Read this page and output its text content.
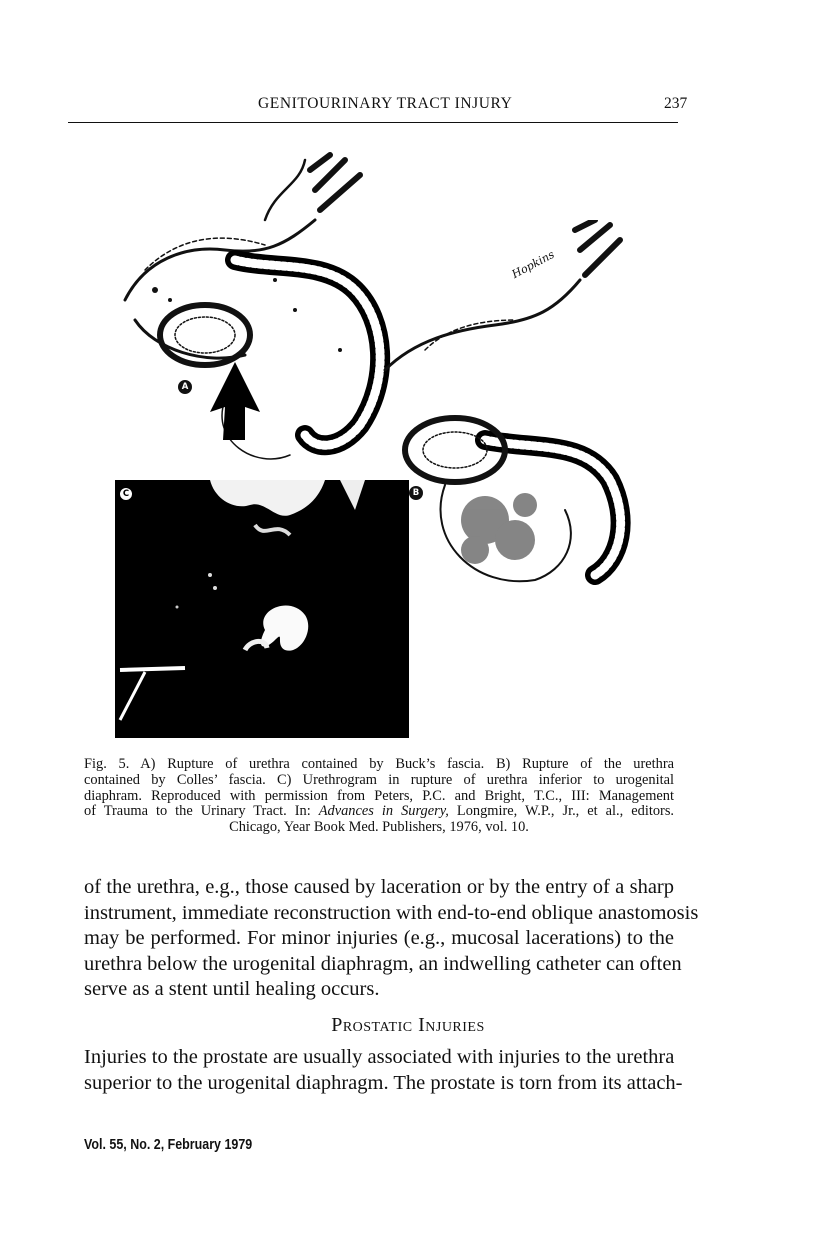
GENITOURINARY TRACT INJURY	237
A
B
Hopkins
C
Fig. 5. A) Rupture of urethra contained by Buck’s fascia. B) Rupture of the urethra
contained by Colles’ fascia. C) Urethrogram in rupture of urethra inferior to urogenital
diaphram. Reproduced with permission from Peters, P.C. and Bright, T.C., III: Management
of Trauma to the Urinary Tract. In: Advances in Surgery, Longmire, W.P., Jr., et al., editors.
Chicago, Year Book Med. Publishers, 1976, vol. 10.
of the urethra, e.g., those caused by laceration or by the entry of a sharp
instrument, immediate reconstruction with end-to-end oblique anastomosis
may be performed. For minor injuries (e.g., mucosal lacerations) to the
urethra below the urogenital diaphragm, an indwelling catheter can often
serve as a stent until healing occurs.
Prostatic Injuries
Injuries to the prostate are usually associated with injuries to the urethra
superior to the urogenital diaphragm. The prostate is torn from its attach-
Vol. 55, No. 2, February 1979
